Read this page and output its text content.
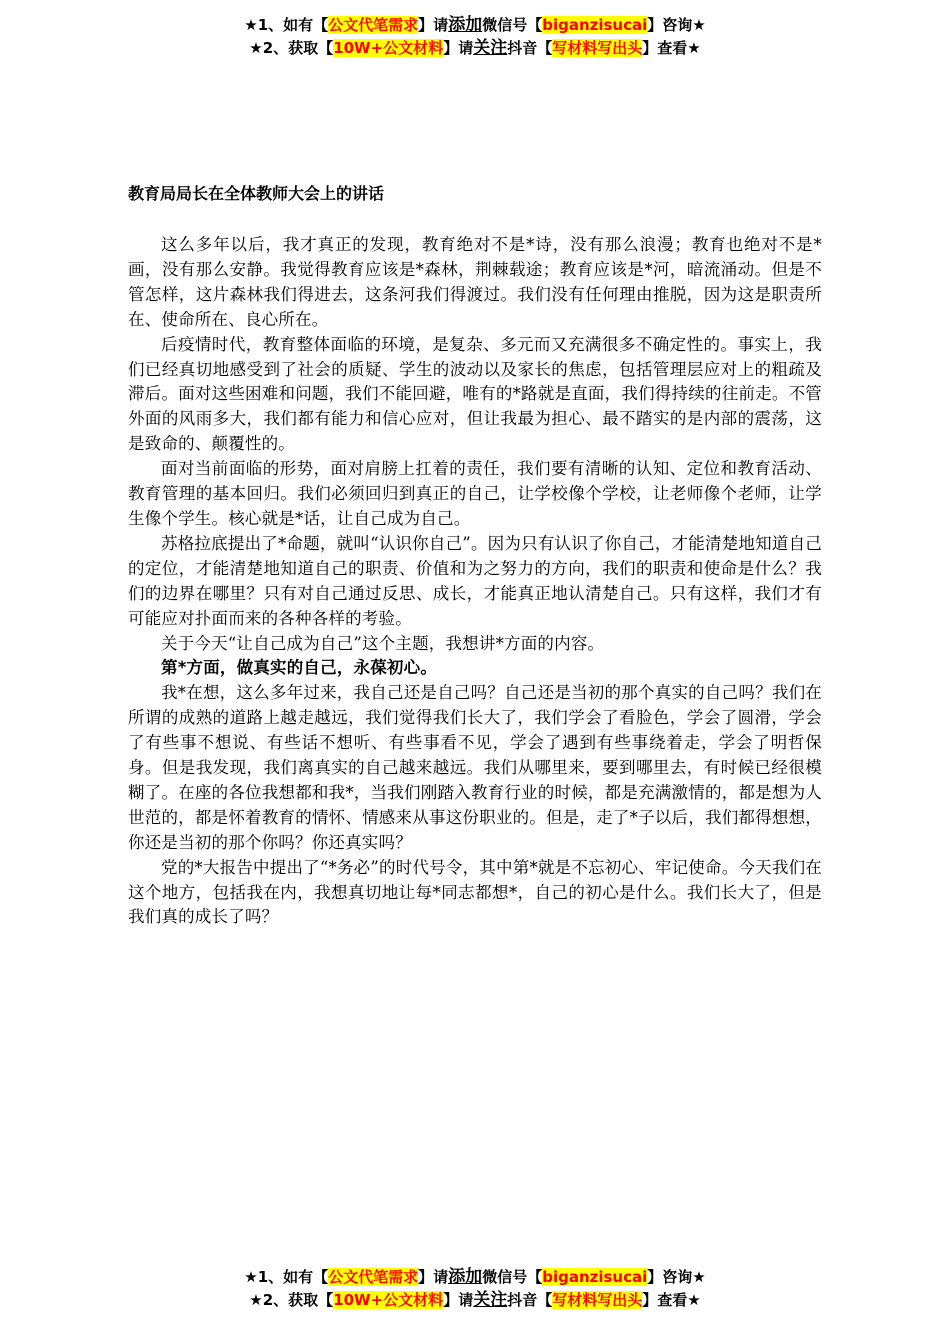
★1、如有【公文代笔需求】请添加微信号【biganzisucai】咨询★
★2、获取【10W+公文材料】请关注抖音【写材料写出头】查看★
教育局局长在全体教师大会上的讲话

这么多年以后，我才真正的发现，教育绝对不是*诗，没有那么浪漫；教育也绝对不是*画，没有那么安静。我觉得教育应该是*森林，荆棘载途；教育应该是*河，暗流涌动。但是不管怎样，这片森林我们得进去，这条河我们得渡过。我们没有任何理由推脱，因为这是职责所在、使命所在、良心所在。

后疫情时代，教育整体面临的环境，是复杂、多元而又充满很多不确定性的。事实上，我们已经真切地感受到了社会的质疑、学生的波动以及家长的焦虑，包括管理层应对上的粗疏及滞后。面对这些困难和问题，我们不能回避，唯有的*路就是直面，我们得持续的往前走。不管外面的风雨多大，我们都有能力和信心应对，但让我最为担心、最不踏实的是内部的震荡，这是致命的、颠覆性的。

面对当前面临的形势，面对肩膀上扛着的责任，我们要有清晰的认知、定位和教育活动、教育管理的基本回归。我们必须回归到真正的自己，让学校像个学校，让老师像个老师，让学生像个学生。核心就是*话，让自己成为自己。

苏格拉底提出了*命题，就叫“认识你自己”。因为只有认识了你自己，才能清楚地知道自己的定位，才能清楚地知道自己的职责、价值和为之努力的方向，我们的职责和使命是什么？我们的边界在哪里？只有对自己通过反思、成长，才能真正地认清楚自己。只有这样，我们才有可能应对扑面而来的各种各样的考验。

关于今天“让自己成为自己”这个主题，我想讲*方面的内容。

第*方面，做真实的自己，永葆初心。

我*在想，这么多年过来，我自己还是自己吗？自己还是当初的那个真实的自己吗？我们在所谓的成熟的道路上越走越远，我们觉得我们长大了，我们学会了看脸色，学会了圆滑，学会了有些事不想说、有些话不想听、有些事看不见，学会了遇到有些事绕着走，学会了明哲保身。但是我发现，我们离真实的自己越来越远。我们从哪里来，要到哪里去，有时候已经很模糊了。在座的各位我想都和我*，当我们刚踏入教育行业的时候，都是充满激情的，都是想为人世范的，都是怀着教育的情怀、情感来从事这份职业的。但是，走了*子以后，我们都得想想，你还是当初的那个你吗？你还真实吗？

党的*大报告中提出了“*务必”的时代号令，其中第*就是不忘初心、牢记使命。今天我们在这个地方，包括我在内，我想真切地让每*同志都想*，自己的初心是什么。我们长大了，但是我们真的成长了吗？

★1、如有【公文代笔需求】请添加微信号【biganzisucai】咨询★
★2、获取【10W+公文材料】请关注抖音【写材料写出头】查看★
